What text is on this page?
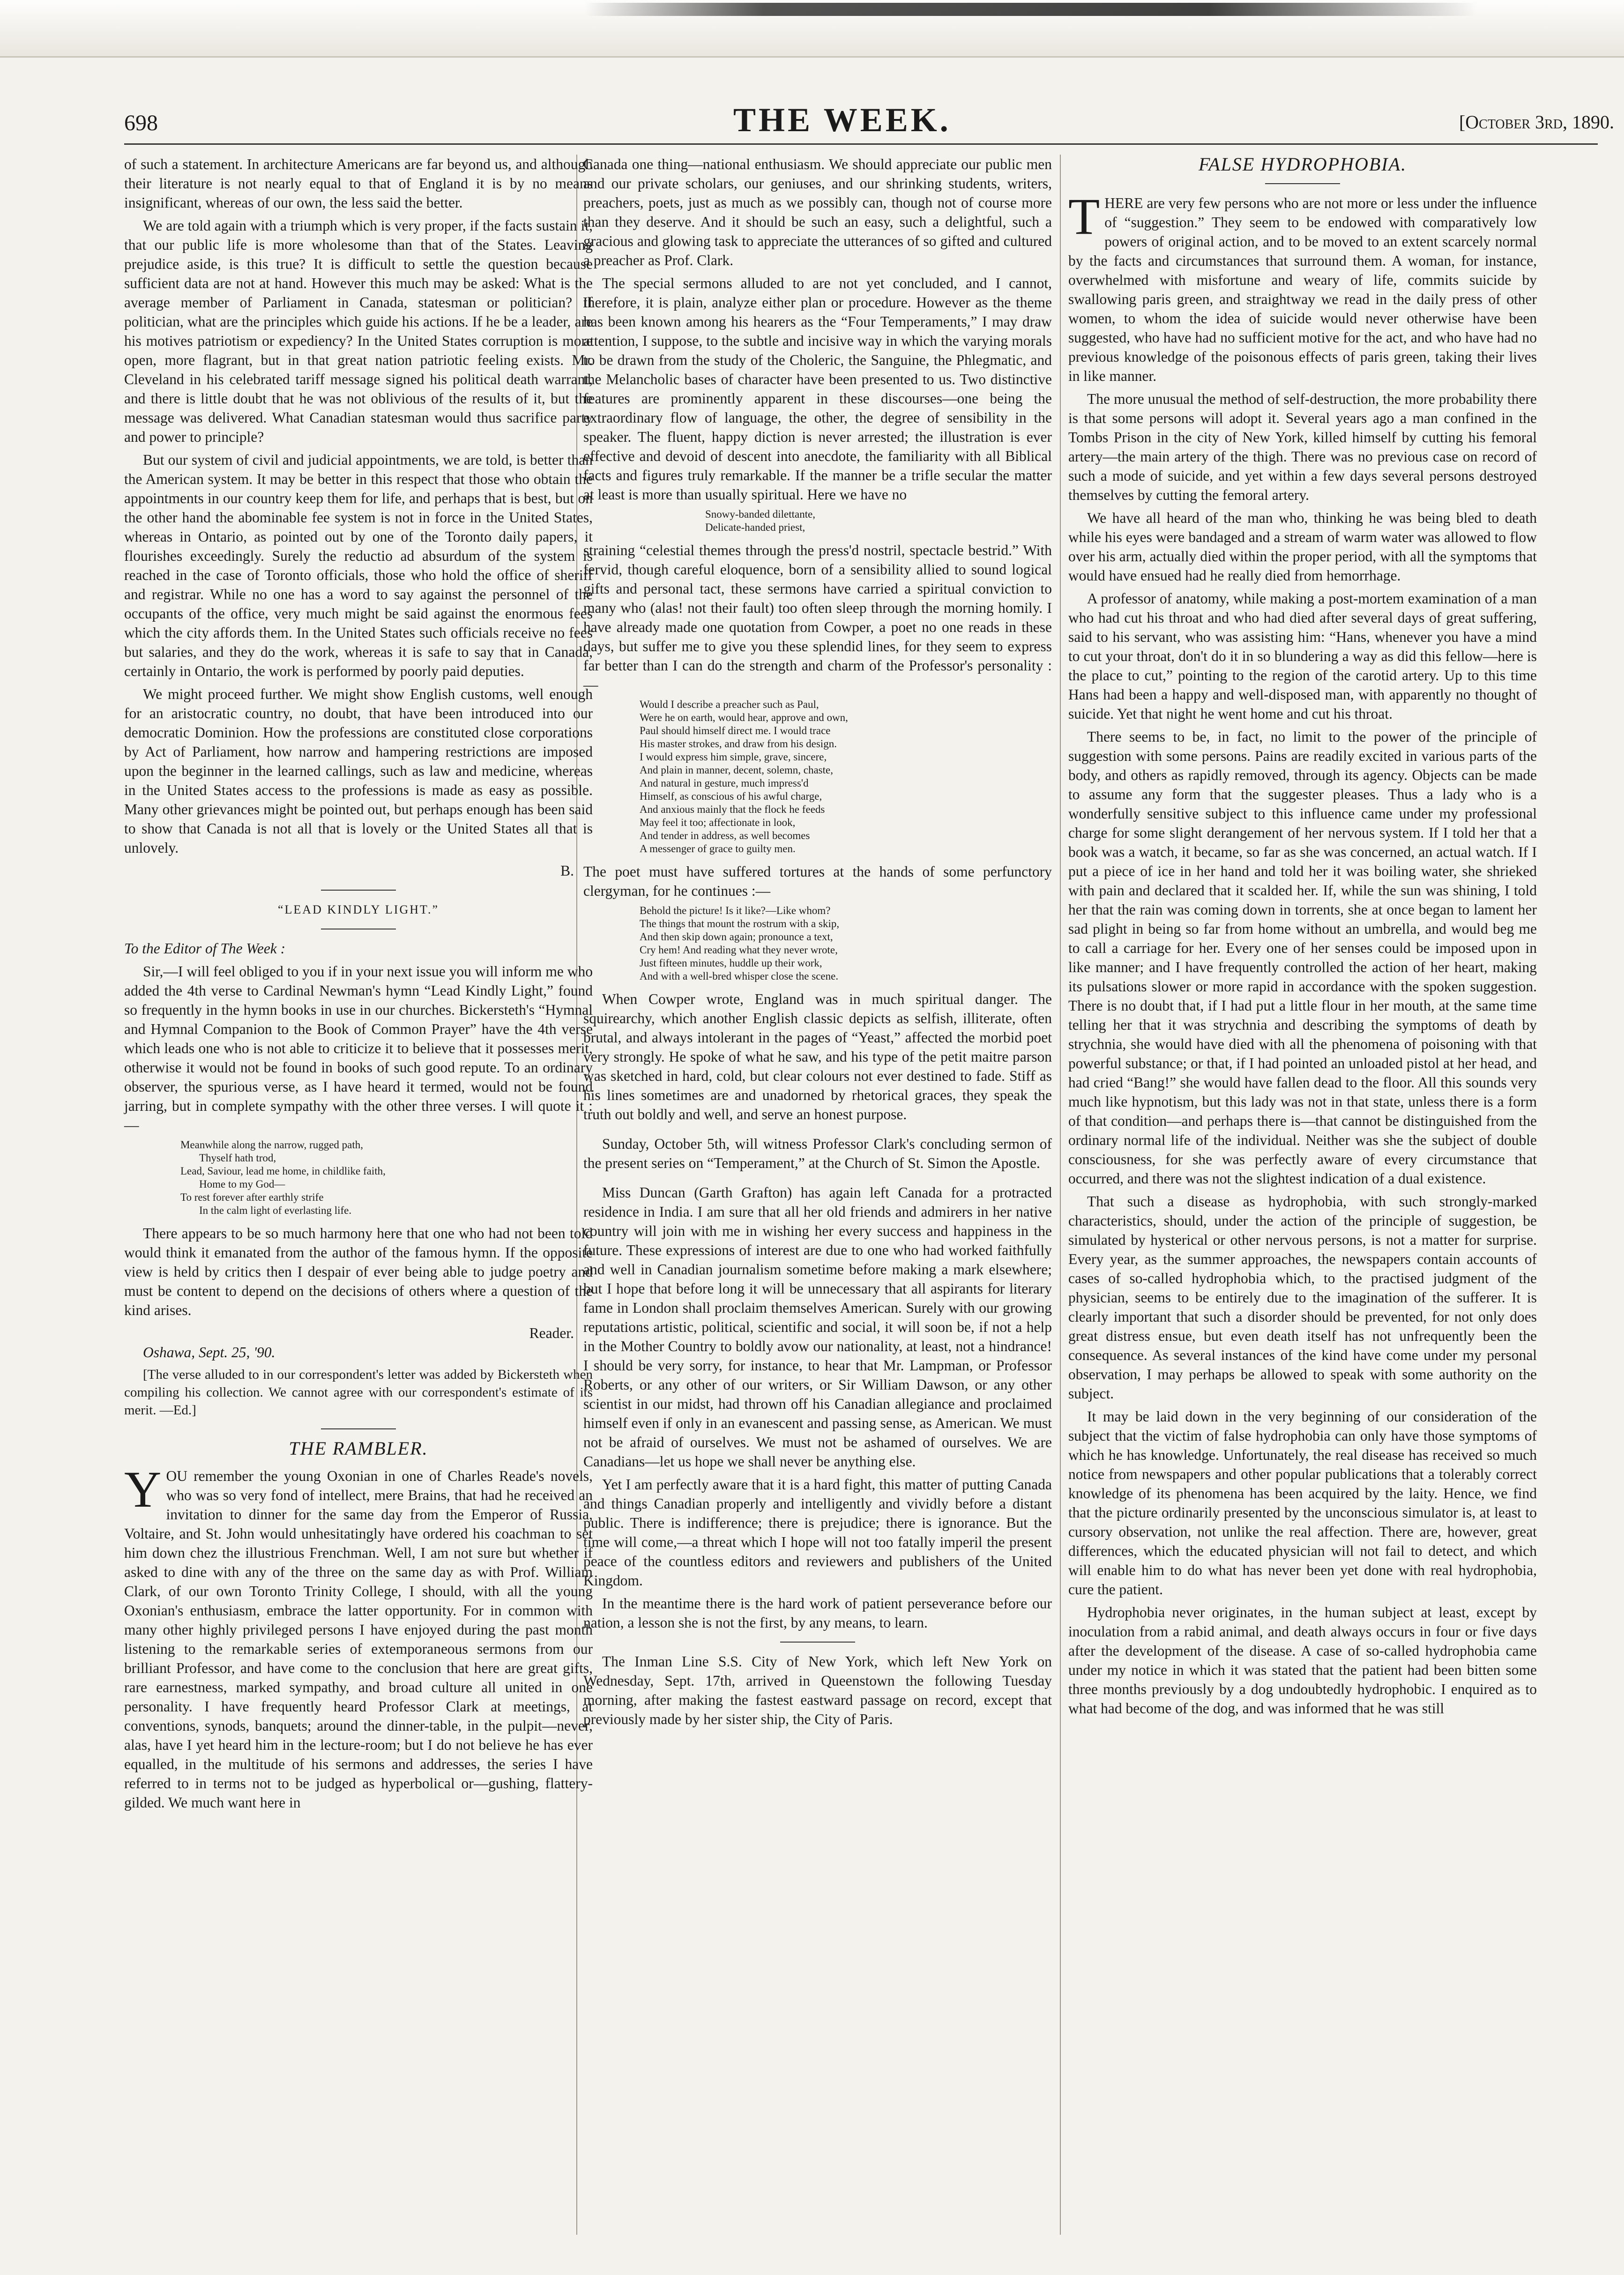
698	THE WEEK.	[October 3rd, 1890.

of such a statement. In architecture Americans are far beyond us, and although their literature is not nearly equal to that of England it is by no means insignificant, whereas of our own, the less said the better.

We are told again with a triumph which is very proper, if the facts sustain it, that our public life is more wholesome than that of the States. Leaving prejudice aside, is this true? It is difficult to settle the question because sufficient data are not at hand. However this much may be asked: What is the average member of Parliament in Canada, statesman or politician? If politician, what are the principles which guide his actions. If he be a leader, are his motives patriotism or expediency? In the United States corruption is more open, more flagrant, but in that great nation patriotic feeling exists. Mr. Cleveland in his celebrated tariff message signed his political death warrant, and there is little doubt that he was not oblivious of the results of it, but the message was delivered. What Canadian statesman would thus sacrifice party and power to principle?

But our system of civil and judicial appointments, we are told, is better than the American system. It may be better in this respect that those who obtain the appointments in our country keep them for life, and perhaps that is best, but on the other hand the abominable fee system is not in force in the United States, whereas in Ontario, as pointed out by one of the Toronto daily papers, it flourishes exceedingly. Surely the reductio ad absurdum of the system is reached in the case of Toronto officials, those who hold the office of sheriff and registrar. While no one has a word to say against the personnel of the occupants of the office, very much might be said against the enormous fees which the city affords them. In the United States such officials receive no fees but salaries, and they do the work, whereas it is safe to say that in Canada, certainly in Ontario, the work is performed by poorly paid deputies.

We might proceed further. We might show English customs, well enough for an aristocratic country, no doubt, that have been introduced into our democratic Dominion. How the professions are constituted close corporations by Act of Parliament, how narrow and hampering restrictions are imposed upon the beginner in the learned callings, such as law and medicine, whereas in the United States access to the professions is made as easy as possible. Many other grievances might be pointed out, but perhaps enough has been said to show that Canada is not all that is lovely or the United States all that is unlovely.

B.
“LEAD KINDLY LIGHT.”

To the Editor of The Week :

Sir,—I will feel obliged to you if in your next issue you will inform me who added the 4th verse to Cardinal Newman's hymn “Lead Kindly Light,” found so frequently in the hymn books in use in our churches. Bickersteth's “Hymnal and Hymnal Companion to the Book of Common Prayer” have the 4th verse which leads one who is not able to criticize it to believe that it possesses merit, otherwise it would not be found in books of such good repute. To an ordinary observer, the spurious verse, as I have heard it termed, would not be found jarring, but in complete sympathy with the other three verses. I will quote it :—

Meanwhile along the narrow, rugged path,
Thyself hath trod,
Lead, Saviour, lead me home, in childlike faith,
Home to my God—
To rest forever after earthly strife
In the calm light of everlasting life.

There appears to be so much harmony here that one who had not been told would think it emanated from the author of the famous hymn. If the opposite view is held by critics then I despair of ever being able to judge poetry and must be content to depend on the decisions of others where a question of the kind arises.

Reader.

Oshawa, Sept. 25, '90.

[The verse alluded to in our correspondent's letter was added by Bickersteth when compiling his collection. We cannot agree with our correspondent's estimate of its merit. —Ed.]

THE RAMBLER.

YOU remember the young Oxonian in one of Charles Reade's novels, who was so very fond of intellect, mere Brains, that had he received an invitation to dinner for the same day from the Emperor of Russia, Voltaire, and St. John would unhesitatingly have ordered his coachman to set him down chez the illustrious Frenchman. Well, I am not sure but whether if asked to dine with any of the three on the same day as with Prof. William Clark, of our own Toronto Trinity College, I should, with all the young Oxonian's enthusiasm, embrace the latter opportunity. For in common with many other highly privileged persons I have enjoyed during the past month listening to the remarkable series of extemporaneous sermons from our brilliant Professor, and have come to the conclusion that here are great gifts, rare earnestness, marked sympathy, and broad culture all united in one personality. I have frequently heard Professor Clark at meetings, at conventions, synods, banquets; around the dinner-table, in the pulpit—never, alas, have I yet heard him in the lecture-room; but I do not believe he has ever equalled, in the multitude of his sermons and addresses, the series I have referred to in terms not to be judged as hyperbolical or—gushing, flattery-gilded. We much want here in

Canada one thing—national enthusiasm. We should appreciate our public men and our private scholars, our geniuses, and our shrinking students, writers, preachers, poets, just as much as we possibly can, though not of course more than they deserve. And it should be such an easy, such a delightful, such a gracious and glowing task to appreciate the utterances of so gifted and cultured a preacher as Prof. Clark.

The special sermons alluded to are not yet concluded, and I cannot, therefore, it is plain, analyze either plan or procedure. However as the theme has been known among his hearers as the “Four Temperaments,” I may draw attention, I suppose, to the subtle and incisive way in which the varying morals to be drawn from the study of the Choleric, the Sanguine, the Phlegmatic, and the Melancholic bases of character have been presented to us. Two distinctive features are prominently apparent in these discourses—one being the extraordinary flow of language, the other, the degree of sensibility in the speaker. The fluent, happy diction is never arrested; the illustration is ever effective and devoid of descent into anecdote, the familiarity with all Biblical facts and figures truly remarkable. If the manner be a trifle secular the matter at least is more than usually spiritual. Here we have no

Snowy-banded dilettante,
Delicate-handed priest,

straining “celestial themes through the press'd nostril, spectacle bestrid.” With fervid, though careful eloquence, born of a sensibility allied to sound logical gifts and personal tact, these sermons have carried a spiritual conviction to many who (alas! not their fault) too often sleep through the morning homily. I have already made one quotation from Cowper, a poet no one reads in these days, but suffer me to give you these splendid lines, for they seem to express far better than I can do the strength and charm of the Professor's personality :—

Would I describe a preacher such as Paul,
Were he on earth, would hear, approve and own,
Paul should himself direct me. I would trace
His master strokes, and draw from his design.
I would express him simple, grave, sincere,
And plain in manner, decent, solemn, chaste,
And natural in gesture, much impress'd
Himself, as conscious of his awful charge,
And anxious mainly that the flock he feeds
May feel it too; affectionate in look,
And tender in address, as well becomes
A messenger of grace to guilty men.

The poet must have suffered tortures at the hands of some perfunctory clergyman, for he continues :—

Behold the picture! Is it like?—Like whom?
The things that mount the rostrum with a skip,
And then skip down again; pronounce a text,
Cry hem! And reading what they never wrote,
Just fifteen minutes, huddle up their work,
And with a well-bred whisper close the scene.

When Cowper wrote, England was in much spiritual danger. The squirearchy, which another English classic depicts as selfish, illiterate, often brutal, and always intolerant in the pages of “Yeast,” affected the morbid poet very strongly. He spoke of what he saw, and his type of the petit maitre parson was sketched in hard, cold, but clear colours not ever destined to fade. Stiff as his lines sometimes are and unadorned by rhetorical graces, they speak the truth out boldly and well, and serve an honest purpose.

Sunday, October 5th, will witness Professor Clark's concluding sermon of the present series on “Temperament,” at the Church of St. Simon the Apostle.

Miss Duncan (Garth Grafton) has again left Canada for a protracted residence in India. I am sure that all her old friends and admirers in her native country will join with me in wishing her every success and happiness in the future. These expressions of interest are due to one who had worked faithfully and well in Canadian journalism sometime before making a mark elsewhere; but I hope that before long it will be unnecessary that all aspirants for literary fame in London shall proclaim themselves American. Surely with our growing reputations artistic, political, scientific and social, it will soon be, if not a help in the Mother Country to boldly avow our nationality, at least, not a hindrance! I should be very sorry, for instance, to hear that Mr. Lampman, or Professor Roberts, or any other of our writers, or Sir William Dawson, or any other scientist in our midst, had thrown off his Canadian allegiance and proclaimed himself even if only in an evanescent and passing sense, as American. We must not be afraid of ourselves. We must not be ashamed of ourselves. We are Canadians—let us hope we shall never be anything else.

Yet I am perfectly aware that it is a hard fight, this matter of putting Canada and things Canadian properly and intelligently and vividly before a distant public. There is indifference; there is prejudice; there is ignorance. But the time will come,—a threat which I hope will not too fatally imperil the present peace of the countless editors and reviewers and publishers of the United Kingdom.

In the meantime there is the hard work of patient perseverance before our nation, a lesson she is not the first, by any means, to learn.

The Inman Line S.S. City of New York, which left New York on Wednesday, Sept. 17th, arrived in Queenstown the following Tuesday morning, after making the fastest eastward passage on record, except that previously made by her sister ship, the City of Paris.

FALSE HYDROPHOBIA.

THERE are very few persons who are not more or less under the influence of “suggestion.” They seem to be endowed with comparatively low powers of original action, and to be moved to an extent scarcely normal by the facts and circumstances that surround them. A woman, for instance, overwhelmed with misfortune and weary of life, commits suicide by swallowing paris green, and straightway we read in the daily press of other women, to whom the idea of suicide would never otherwise have been suggested, who have had no sufficient motive for the act, and who have had no previous knowledge of the poisonous effects of paris green, taking their lives in like manner.

The more unusual the method of self-destruction, the more probability there is that some persons will adopt it. Several years ago a man confined in the Tombs Prison in the city of New York, killed himself by cutting his femoral artery—the main artery of the thigh. There was no previous case on record of such a mode of suicide, and yet within a few days several persons destroyed themselves by cutting the femoral artery.

We have all heard of the man who, thinking he was being bled to death while his eyes were bandaged and a stream of warm water was allowed to flow over his arm, actually died within the proper period, with all the symptoms that would have ensued had he really died from hemorrhage.

A professor of anatomy, while making a post-mortem examination of a man who had cut his throat and who had died after several days of great suffering, said to his servant, who was assisting him: “Hans, whenever you have a mind to cut your throat, don't do it in so blundering a way as did this fellow—here is the place to cut,” pointing to the region of the carotid artery. Up to this time Hans had been a happy and well-disposed man, with apparently no thought of suicide. Yet that night he went home and cut his throat.

There seems to be, in fact, no limit to the power of the principle of suggestion with some persons. Pains are readily excited in various parts of the body, and others as rapidly removed, through its agency. Objects can be made to assume any form that the suggester pleases. Thus a lady who is a wonderfully sensitive subject to this influence came under my professional charge for some slight derangement of her nervous system. If I told her that a book was a watch, it became, so far as she was concerned, an actual watch. If I put a piece of ice in her hand and told her it was boiling water, she shrieked with pain and declared that it scalded her. If, while the sun was shining, I told her that the rain was coming down in torrents, she at once began to lament her sad plight in being so far from home without an umbrella, and would beg me to call a carriage for her. Every one of her senses could be imposed upon in like manner; and I have frequently controlled the action of her heart, making its pulsations slower or more rapid in accordance with the spoken suggestion. There is no doubt that, if I had put a little flour in her mouth, at the same time telling her that it was strychnia and describing the symptoms of death by strychnia, she would have died with all the phenomena of poisoning with that powerful substance; or that, if I had pointed an unloaded pistol at her head, and had cried “Bang!” she would have fallen dead to the floor. All this sounds very much like hypnotism, but this lady was not in that state, unless there is a form of that condition—and perhaps there is—that cannot be distinguished from the ordinary normal life of the individual. Neither was she the subject of double consciousness, for she was perfectly aware of every circumstance that occurred, and there was not the slightest indication of a dual existence.

That such a disease as hydrophobia, with such strongly-marked characteristics, should, under the action of the principle of suggestion, be simulated by hysterical or other nervous persons, is not a matter for surprise. Every year, as the summer approaches, the newspapers contain accounts of cases of so-called hydrophobia which, to the practised judgment of the physician, seems to be entirely due to the imagination of the sufferer. It is clearly important that such a disorder should be prevented, for not only does great distress ensue, but even death itself has not unfrequently been the consequence. As several instances of the kind have come under my personal observation, I may perhaps be allowed to speak with some authority on the subject.

It may be laid down in the very beginning of our consideration of the subject that the victim of false hydrophobia can only have those symptoms of which he has knowledge. Unfortunately, the real disease has received so much notice from newspapers and other popular publications that a tolerably correct knowledge of its phenomena has been acquired by the laity. Hence, we find that the picture ordinarily presented by the unconscious simulator is, at least to cursory observation, not unlike the real affection. There are, however, great differences, which the educated physician will not fail to detect, and which will enable him to do what has never been yet done with real hydrophobia, cure the patient.

Hydrophobia never originates, in the human subject at least, except by inoculation from a rabid animal, and death always occurs in four or five days after the development of the disease. A case of so-called hydrophobia came under my notice in which it was stated that the patient had been bitten some three months previously by a dog undoubtedly hydrophobic. I enquired as to what had become of the dog, and was informed that he was still
